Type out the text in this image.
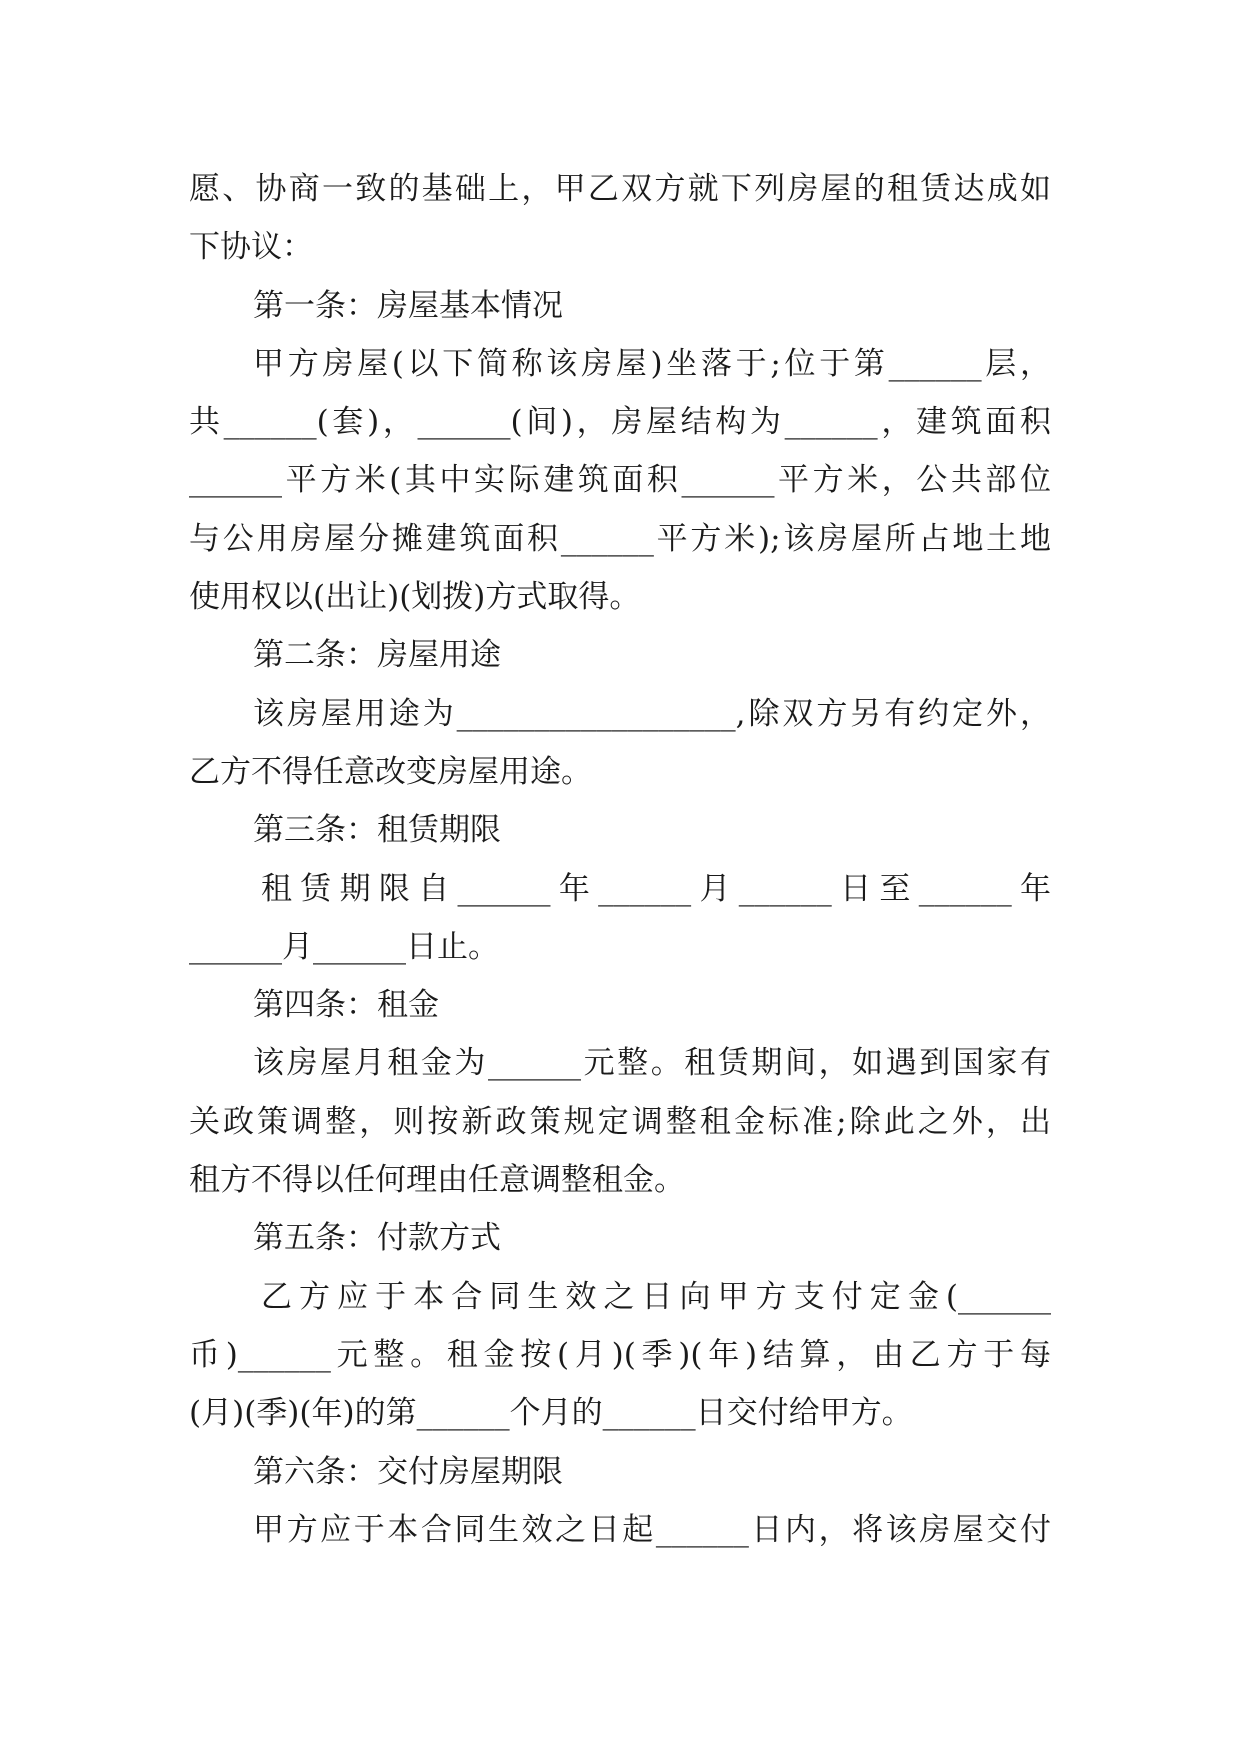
愿、协商一致的基础上，甲乙双方就下列房屋的租赁达成如
下协议：
第一条：房屋基本情况
甲方房屋(以下简称该房屋)坐落于;位于第______层，
共______(套)，______(间)，房屋结构为______，建筑面积
______平方米(其中实际建筑面积______平方米，公共部位
与公用房屋分摊建筑面积______平方米);该房屋所占地土地
使用权以(出让)(划拨)方式取得。
第二条：房屋用途
该房屋用途为__________________,除双方另有约定外，
乙方不得任意改变房屋用途。
第三条：租赁期限
租赁期限自______年______月______日至______年
______月______日止。
第四条：租金
该房屋月租金为______元整。租赁期间，如遇到国家有
关政策调整，则按新政策规定调整租金标准;除此之外，出
租方不得以任何理由任意调整租金。
第五条：付款方式
乙方应于本合同生效之日向甲方支付定金(______
币)______元整。租金按(月)(季)(年)结算，由乙方于每
(月)(季)(年)的第______个月的______日交付给甲方。
第六条：交付房屋期限
甲方应于本合同生效之日起______日内，将该房屋交付
